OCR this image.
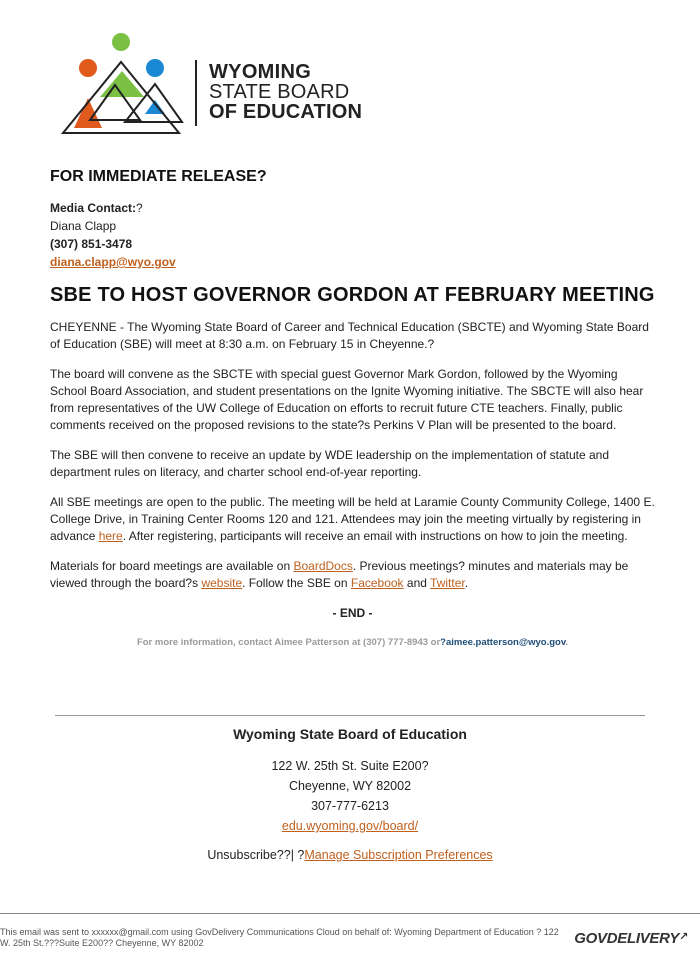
WYOMING
STATE BOARD
OF EDUCATION
FOR IMMEDIATE RELEASE?
Media Contact:?
Diana Clapp
(307) 851-3478
diana.clapp@wyo.gov
SBE TO HOST GOVERNOR GORDON AT FEBRUARY MEETING

CHEYENNE - The Wyoming State Board of Career and Technical Education (SBCTE) and Wyoming State Board of Education (SBE) will meet at 8:30 a.m. on February 15 in Cheyenne.?

The board will convene as the SBCTE with special guest Governor Mark Gordon, followed by the Wyoming School Board Association, and student presentations on the Ignite Wyoming initiative. The SBCTE will also hear from representatives of the UW College of Education on efforts to recruit future CTE teachers. Finally, public comments received on the proposed revisions to the state?s Perkins V Plan will be presented to the board.

The SBE will then convene to receive an update by WDE leadership on the implementation of statute and department rules on literacy, and charter school end-of-year reporting.

All SBE meetings are open to the public. The meeting will be held at Laramie County Community College, 1400 E. College Drive, in Training Center Rooms 120 and 121. Attendees may join the meeting virtually by registering in advance here. After registering, participants will receive an email with instructions on how to join the meeting.

Materials for board meetings are available on BoardDocs. Previous meetings? minutes and materials may be viewed through the board?s website. Follow the SBE on Facebook and Twitter.

- END -
For more information, contact Aimee Patterson at (307) 777-8943 or?aimee.patterson@wyo.gov.
Wyoming State Board of Education
122 W. 25th St. Suite E200?
Cheyenne, WY 82002
307-777-6213
edu.wyoming.gov/board/
Unsubscribe??| ?Manage Subscription Preferences
This email was sent to xxxxxx@gmail.com using GovDelivery Communications Cloud on behalf of: Wyoming Department of Education ? 122 W. 25th St.???Suite E200?? Cheyenne, WY 82002	GOVDELIVERY↗
